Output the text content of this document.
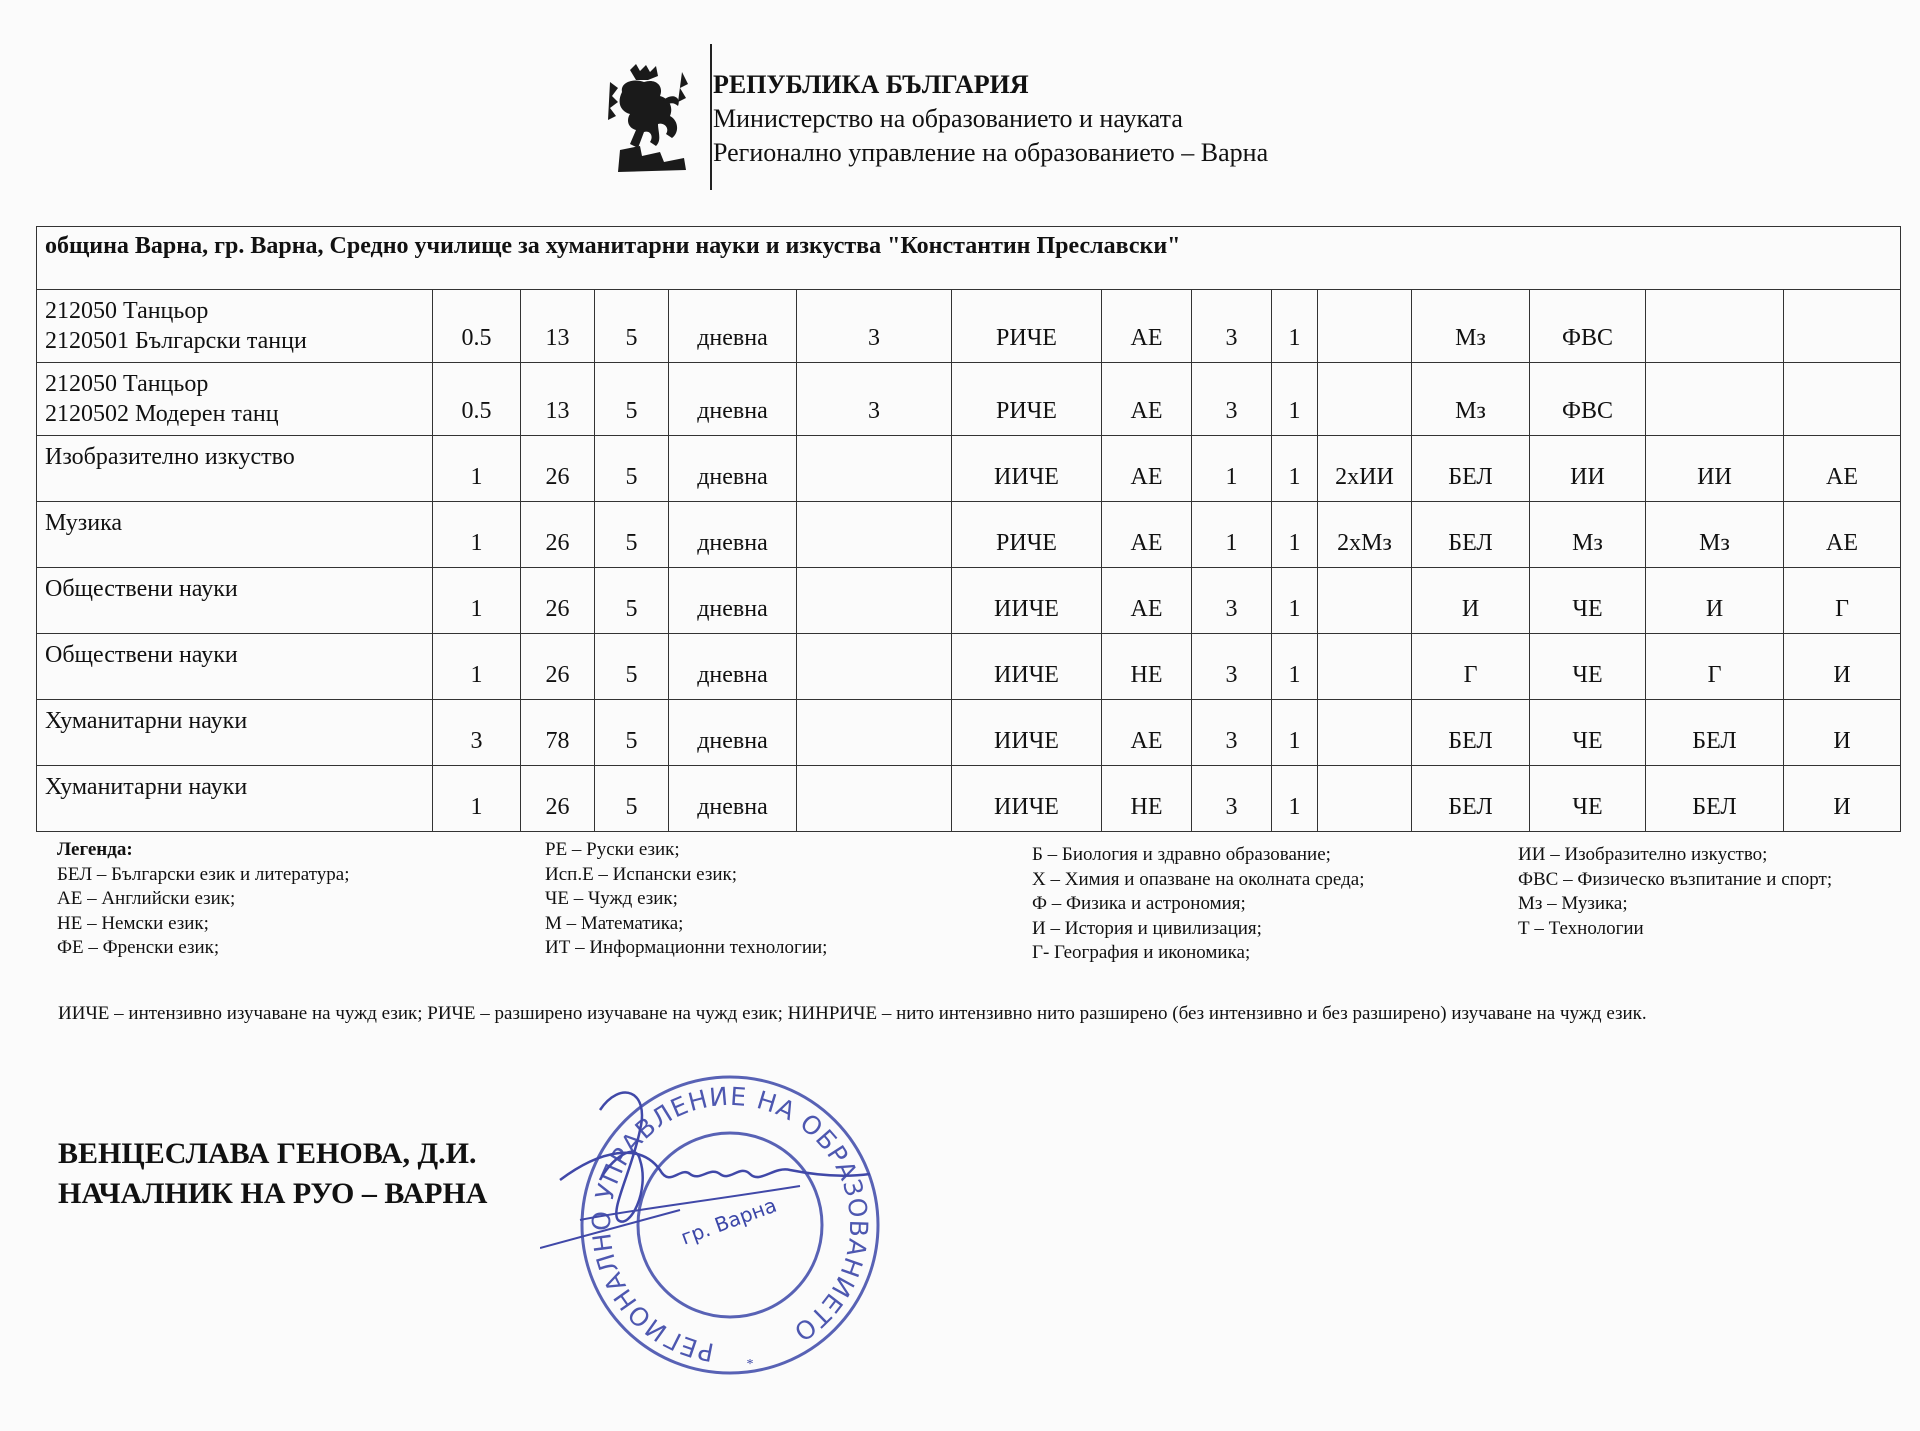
РЕПУБЛИКА БЪЛГАРИЯ
Министерство на образованието и науката
Регионално управление на образованието – Варна
община Варна, гр. Варна, Средно училище за хуманитарни науки и изкуства "Константин Преславски"														

212050 Танцьор
2120501 Български танци	0.5	13	5	дневна	3	РИЧЕ	АЕ	3	1		Мз	ФВС		

212050 Танцьор
2120502 Модерен танц	0.5	13	5	дневна	3	РИЧЕ	АЕ	3	1		Мз	ФВС		

Изобразително изкуство	1	26	5	дневна		ИИЧЕ	АЕ	1	1	2хИИ	БЕЛ	ИИ	ИИ	АЕ

Музика	1	26	5	дневна		РИЧЕ	АЕ	1	1	2хМз	БЕЛ	Мз	Мз	АЕ

Обществени науки	1	26	5	дневна		ИИЧЕ	АЕ	3	1		И	ЧЕ	И	Г

Обществени науки	1	26	5	дневна		ИИЧЕ	НЕ	3	1		Г	ЧЕ	Г	И

Хуманитарни науки	3	78	5	дневна		ИИЧЕ	АЕ	3	1		БЕЛ	ЧЕ	БЕЛ	И

Хуманитарни науки	1	26	5	дневна		ИИЧЕ	НЕ	3	1		БЕЛ	ЧЕ	БЕЛ	И
Легенда:
БЕЛ – Български език и литература;
АЕ – Английски език;
НЕ – Немски език;
ФЕ – Френски език;
РЕ – Руски език;
Исп.Е – Испански език;
ЧЕ – Чужд език;
М – Математика;
ИТ – Информационни технологии;
Б – Биология и здравно образование;
Х – Химия и опазване на околната среда;
Ф – Физика и астрономия;
И – История и цивилизация;
Г- География и икономика;
ИИ – Изобразително изкуство;
ФВС – Физическо възпитание и спорт;
Мз – Музика;
Т – Технологии
ИИЧЕ – интензивно изучаване на чужд език; РИЧЕ – разширено изучаване на чужд език; НИНРИЧЕ – нито интензивно нито разширено (без интензивно и без разширено) изучаване на чужд език.
ВЕНЦЕСЛАВА ГЕНОВА, Д.И.
НАЧАЛНИК НА РУО – ВАРНА
РЕГИОНАЛНО УПРАВЛЕНИЕ НА ОБРАЗОВАНИЕТО
гр. Варна
*
